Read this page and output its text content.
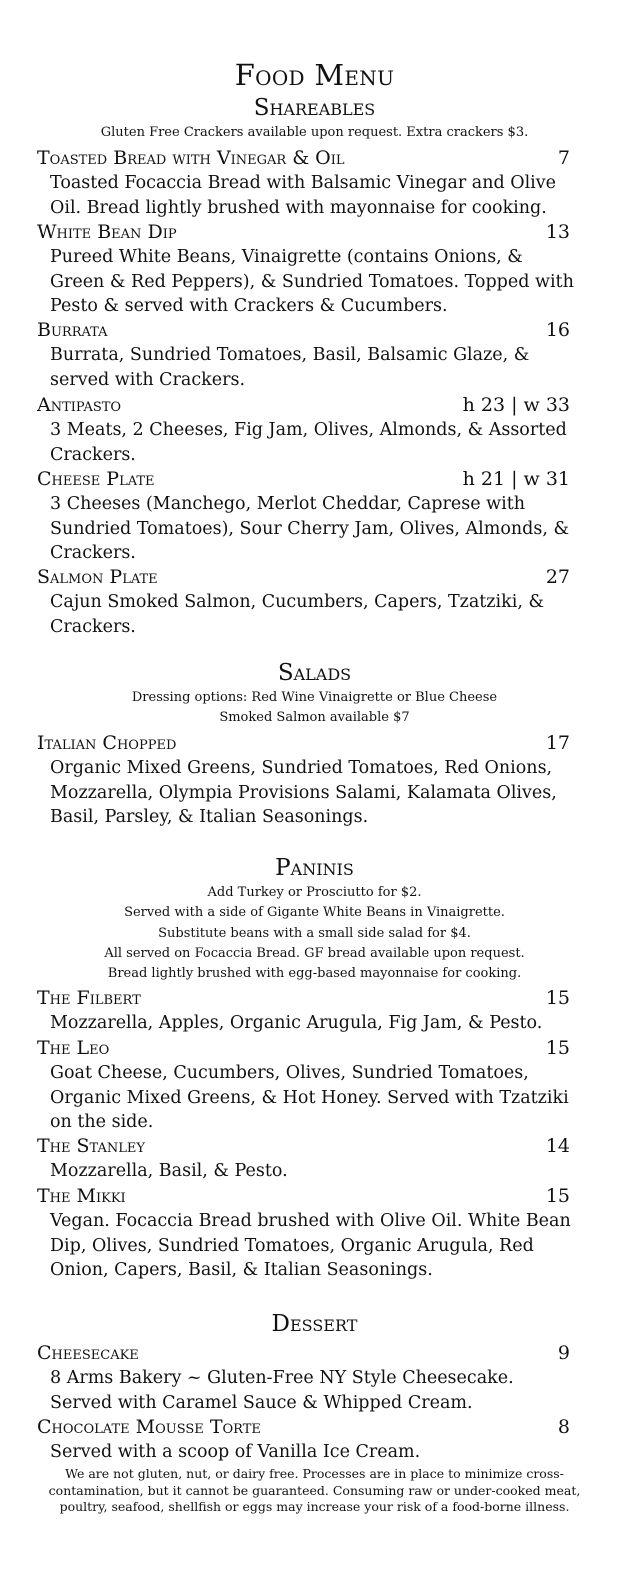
Food Menu
Shareables
Gluten Free Crackers available upon request. Extra crackers $3.
Toasted Bread with Vinegar & Oil	7
Toasted Focaccia Bread with Balsamic Vinegar and Olive Oil. Bread lightly brushed with mayonnaise for cooking.
White Bean Dip	13
Pureed White Beans, Vinaigrette (contains Onions, & Green & Red Peppers), & Sundried Tomatoes. Topped with Pesto & served with Crackers & Cucumbers.
Burrata	16
Burrata, Sundried Tomatoes, Basil, Balsamic Glaze, & served with Crackers.
Antipasto	h 23 | w 33
3 Meats, 2 Cheeses, Fig Jam, Olives, Almonds, & Assorted Crackers.
Cheese Plate	h 21 | w 31
3 Cheeses (Manchego, Merlot Cheddar, Caprese with Sundried Tomatoes), Sour Cherry Jam, Olives, Almonds, & Crackers.
Salmon Plate	27
Cajun Smoked Salmon, Cucumbers, Capers, Tzatziki, & Crackers.
Salads
Dressing options: Red Wine Vinaigrette or Blue Cheese
Smoked Salmon available $7
Italian Chopped	17
Organic Mixed Greens, Sundried Tomatoes, Red Onions, Mozzarella, Olympia Provisions Salami, Kalamata Olives, Basil, Parsley, & Italian Seasonings.
Paninis
Add Turkey or Prosciutto for $2.
Served with a side of Gigante White Beans in Vinaigrette.
Substitute beans with a small side salad for $4.
All served on Focaccia Bread. GF bread available upon request.
Bread lightly brushed with egg-based mayonnaise for cooking.
The Filbert	15
Mozzarella, Apples, Organic Arugula, Fig Jam, & Pesto.
The Leo	15
Goat Cheese, Cucumbers, Olives, Sundried Tomatoes, Organic Mixed Greens, & Hot Honey. Served with Tzatziki on the side.
The Stanley	14
Mozzarella, Basil, & Pesto.
The Mikki	15
Vegan. Focaccia Bread brushed with Olive Oil. White Bean Dip, Olives, Sundried Tomatoes, Organic Arugula, Red Onion, Capers, Basil, & Italian Seasonings.
Dessert
Cheesecake	9
8 Arms Bakery ~ Gluten-Free NY Style Cheesecake. Served with Caramel Sauce & Whipped Cream.
Chocolate Mousse Torte	8
Served with a scoop of Vanilla Ice Cream.
We are not gluten, nut, or dairy free. Processes are in place to minimize cross-contamination, but it cannot be guaranteed. Consuming raw or under-cooked meat, poultry, seafood, shellfish or eggs may increase your risk of a food-borne illness.
